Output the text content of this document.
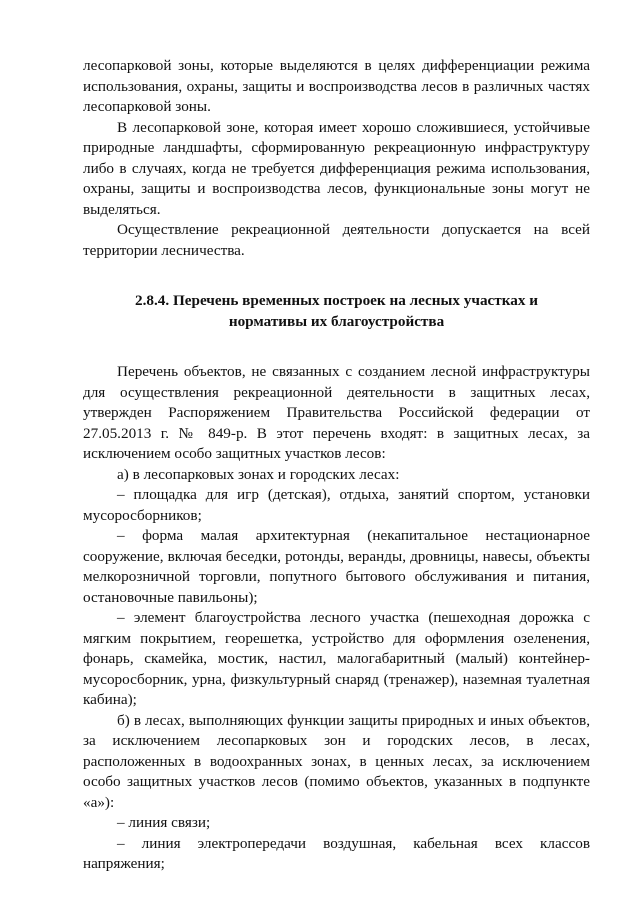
лесопарковой зоны, которые выделяются в целях дифференциации режима использования, охраны, защиты и воспроизводства лесов в различных частях лесопарковой зоны.

В лесопарковой зоне, которая имеет хорошо сложившиеся, устойчивые природные ландшафты, сформированную рекреационную инфраструктуру либо в случаях, когда не требуется дифференциация режима использования, охраны, защиты и воспроизводства лесов, функциональные зоны могут не выделяться.

Осуществление рекреационной деятельности допускается на всей территории лесничества.

2.8.4. Перечень временных построек на лесных участках и
нормативы их благоустройства

Перечень объектов, не связанных с созданием лесной инфраструктуры для осуществления рекреационной деятельности в защитных лесах, утвержден Распоряжением Правительства Российской федерации от 27.05.2013 г. № 849-р. В этот перечень входят: в защитных лесах, за исключением особо защитных участков лесов:

а) в лесопарковых зонах и городских лесах:

– площадка для игр (детская), отдыха, занятий спортом, установки мусоросборников;

– форма малая архитектурная (некапитальное нестационарное сооружение, включая беседки, ротонды, веранды, дровницы, навесы, объекты мелкорозничной торговли, попутного бытового обслуживания и питания, остановочные павильоны);

– элемент благоустройства лесного участка (пешеходная дорожка с мягким покрытием, георешетка, устройство для оформления озеленения, фонарь, скамейка, мостик, настил, малогабаритный (малый) контейнер-мусоросборник, урна, физкультурный снаряд (тренажер), наземная туалетная кабина);

б) в лесах, выполняющих функции защиты природных и иных объектов, за исключением лесопарковых зон и городских лесов, в лесах, расположенных в водоохранных зонах, в ценных лесах, за исключением особо защитных участков лесов (помимо объектов, указанных в подпункте «а»):

– линия связи;

– линия электропередачи воздушная, кабельная всех классов напряжения;
